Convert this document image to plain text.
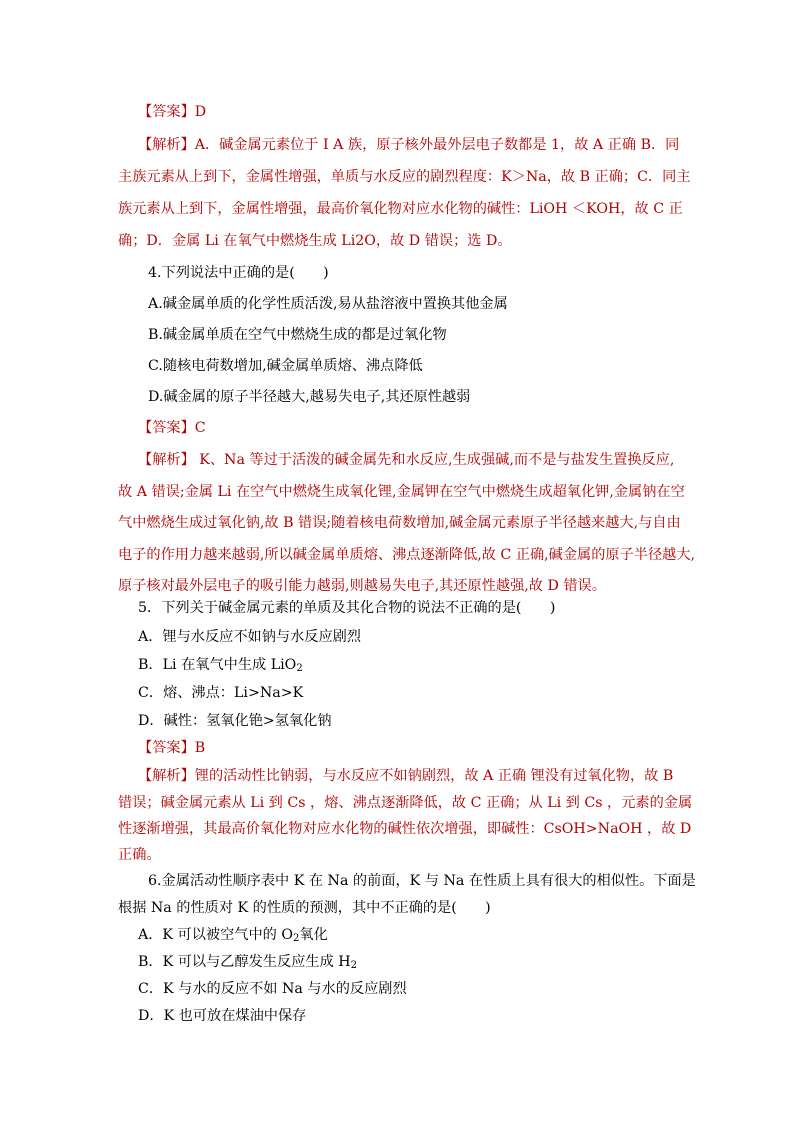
【答案】D
【解析】A．碱金属元素位于 I A 族，原子核外最外层电子数都是 1，故 A 正确 B．同
主族元素从上到下，金属性增强，单质与水反应的剧烈程度：K＞Na，故 B 正确；C．同主
族元素从上到下，金属性增强，最高价氧化物对应水化物的碱性：LiOH ＜KOH，故 C 正
确；D．金属 Li 在氧气中燃烧生成 Li2O，故 D 错误；选 D。
4.下列说法中正确的是(　　)
A.碱金属单质的化学性质活泼,易从盐溶液中置换其他金属
B.碱金属单质在空气中燃烧生成的都是过氧化物
C.随核电荷数增加,碱金属单质熔、沸点降低
D.碱金属的原子半径越大,越易失电子,其还原性越弱
【答案】C
【解析】 K、Na 等过于活泼的碱金属先和水反应,生成强碱,而不是与盐发生置换反应,
故 A 错误;金属 Li 在空气中燃烧生成氧化锂,金属钾在空气中燃烧生成超氧化钾,金属钠在空
气中燃烧生成过氧化钠,故 B 错误;随着核电荷数增加,碱金属元素原子半径越来越大,与自由
电子的作用力越来越弱,所以碱金属单质熔、沸点逐渐降低,故 C 正确,碱金属的原子半径越大,
原子核对最外层电子的吸引能力越弱,则越易失电子,其还原性越强,故 D 错误。
5．下列关于碱金属元素的单质及其化合物的说法不正确的是(　　)
A．锂与水反应不如钠与水反应剧烈
B．Li 在氧气中生成 LiO$_2$
C．熔、沸点：Li>Na>K
D．碱性：氢氧化铯>氢氧化钠
【答案】B
【解析】锂的活动性比钠弱，与水反应不如钠剧烈，故 A 正确 锂没有过氧化物，故 B
错误；碱金属元素从 Li 到 Cs ，熔、沸点逐渐降低，故 C 正确；从 Li 到 Cs ，元素的金属
性逐渐增强，其最高价氧化物对应水化物的碱性依次增强，即碱性：CsOH>NaOH ，故 D
正确。
6.金属活动性顺序表中 K 在 Na 的前面，K 与 Na 在性质上具有很大的相似性。下面是
根据 Na 的性质对 K 的性质的预测，其中不正确的是(　　)
A．K 可以被空气中的 $O_2$氧化
B．K 可以与乙醇发生反应生成 $H_2$
C．K 与水的反应不如 Na 与水的反应剧烈
D．K 也可放在煤油中保存
